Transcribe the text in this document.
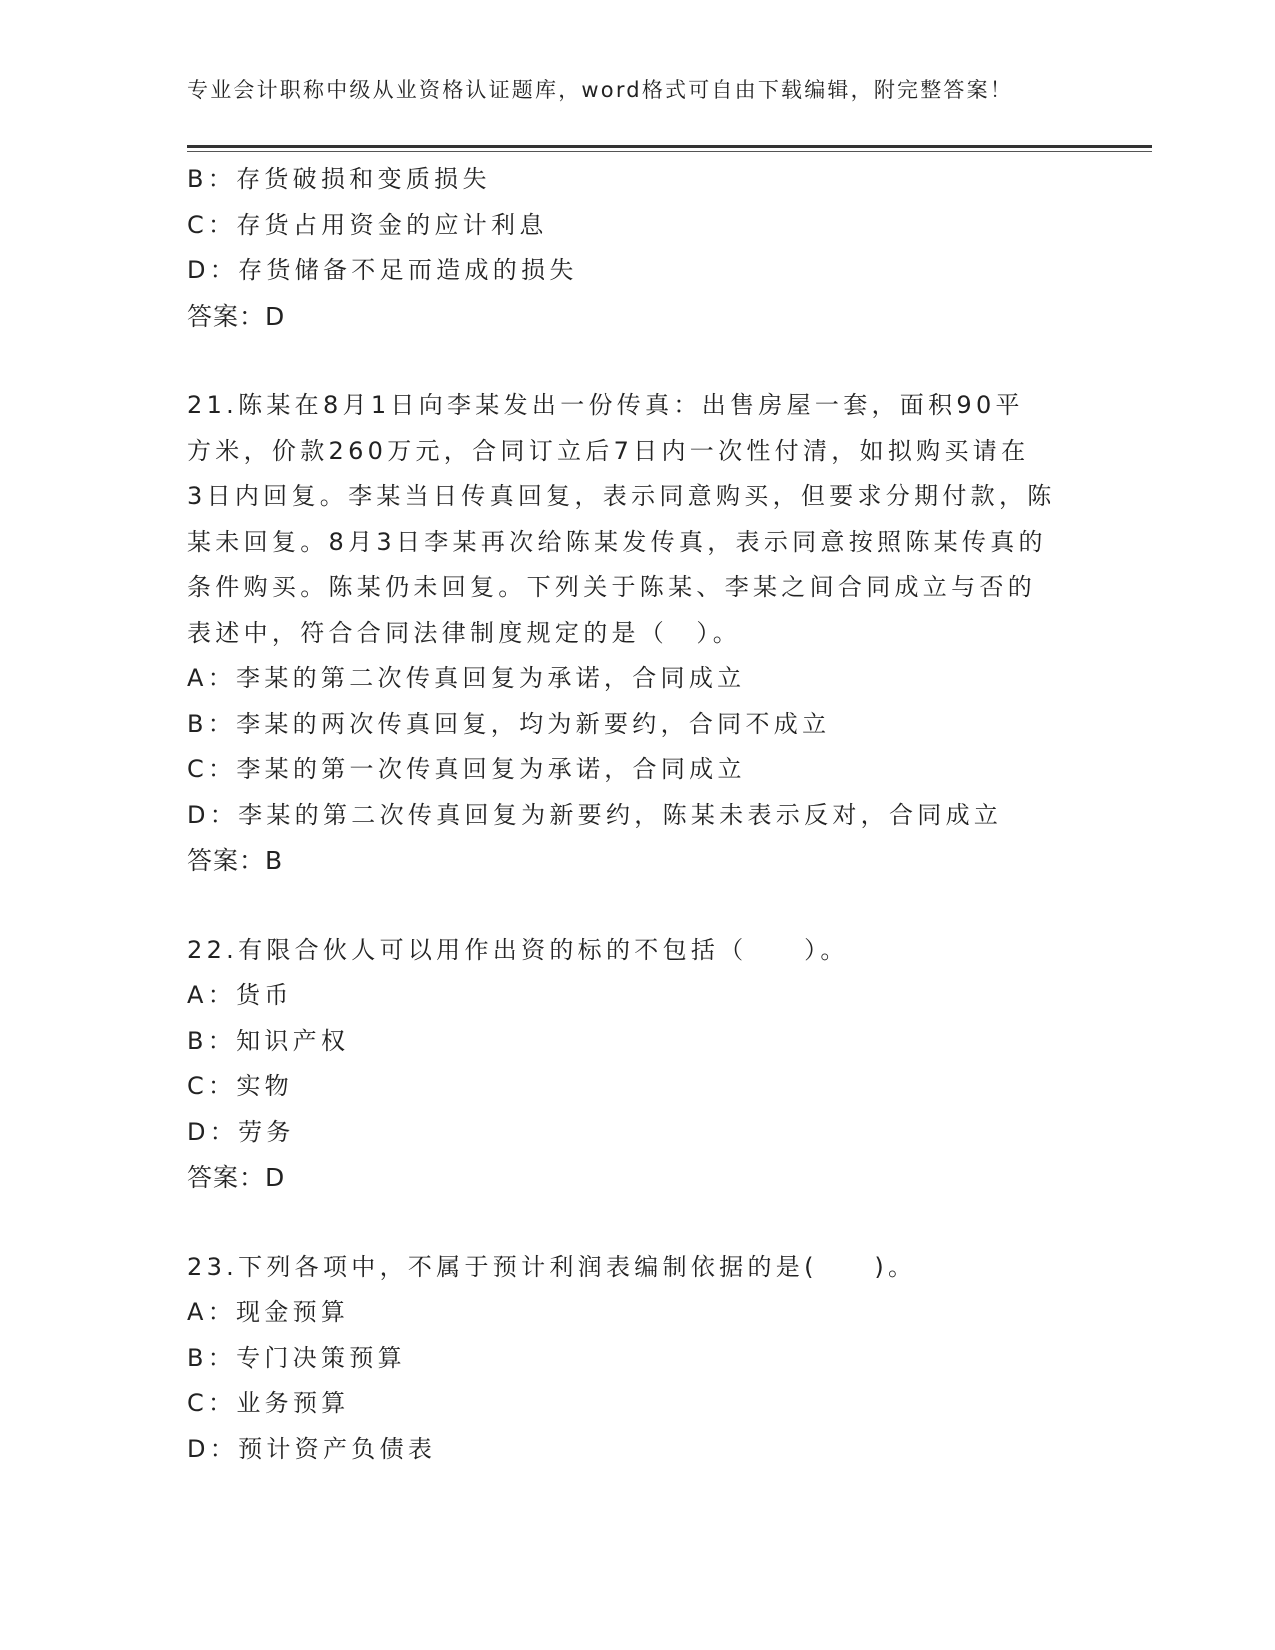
专业会计职称中级从业资格认证题库，word格式可自由下载编辑，附完整答案！
B：存货破损和变质损失
C：存货占用资金的应计利息
D：存货储备不足而造成的损失
答案：D
21.陈某在8月1日向李某发出一份传真：出售房屋一套，面积90平
方米，价款260万元，合同订立后7日内一次性付清，如拟购买请在
3日内回复。李某当日传真回复，表示同意购买，但要求分期付款，陈
某未回复。8月3日李某再次给陈某发传真，表示同意按照陈某传真的
条件购买。陈某仍未回复。下列关于陈某、李某之间合同成立与否的
表述中，符合合同法律制度规定的是（　）。
A：李某的第二次传真回复为承诺，合同成立
B：李某的两次传真回复，均为新要约，合同不成立
C：李某的第一次传真回复为承诺，合同成立
D：李某的第二次传真回复为新要约，陈某未表示反对，合同成立
答案：B
22.有限合伙人可以用作出资的标的不包括（　　）。
A：货币
B：知识产权
C：实物
D：劳务
答案：D
23.下列各项中，不属于预计利润表编制依据的是(　　)。
A：现金预算
B：专门决策预算
C：业务预算
D：预计资产负债表
